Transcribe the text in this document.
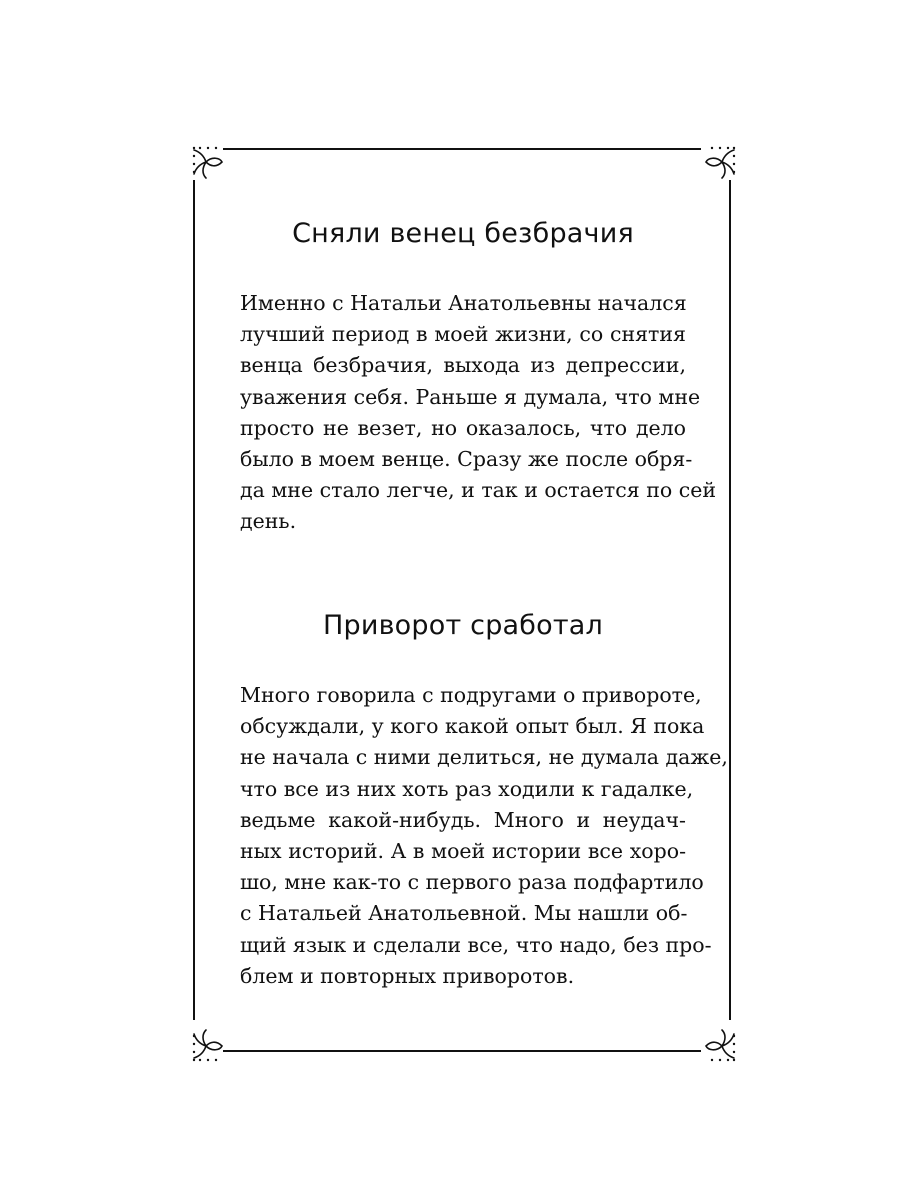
Сняли венец безбрачия

Именно с Натальи Анатольевны начался
лучший период в моей жизни, со снятия
венца безбрачия, выхода из депрессии,
уважения себя. Раньше я думала, что мне
просто не везет, но оказалось, что дело
было в моем венце. Сразу же после обря-
да мне стало легче, и так и остается по сей
день.

Приворот сработал

Много говорила с подругами о привороте,
обсуждали, у кого какой опыт был. Я пока
не начала с ними делиться, не думала даже,
что все из них хоть раз ходили к гадалке,
ведьме какой-нибудь. Много и неудач-
ных историй. А в моей истории все хоро-
шо, мне как-то с первого раза подфартило
с Натальей Анатольевной. Мы нашли об-
щий язык и сделали все, что надо, без про-
блем и повторных приворотов.
